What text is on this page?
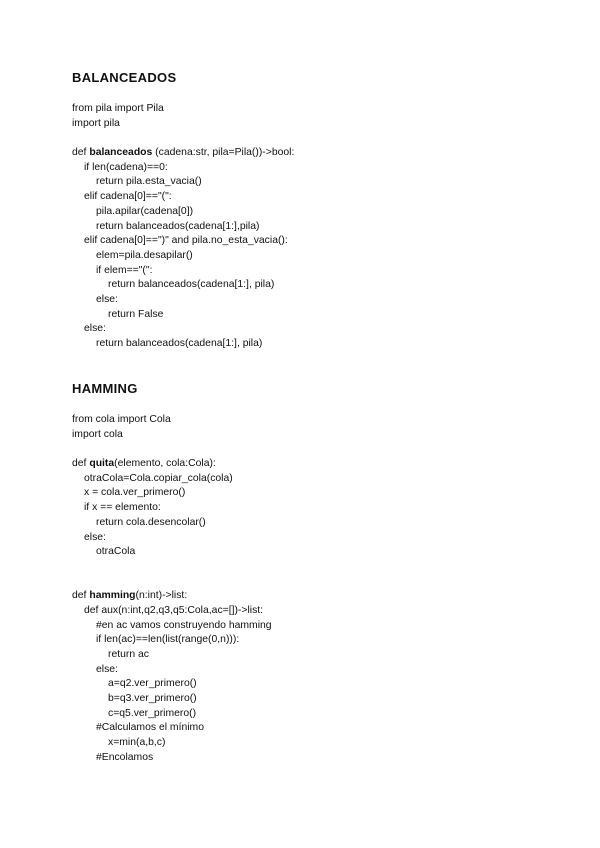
BALANCEADOS
from pila import Pila
import pila
def balanceados (cadena:str, pila=Pila())->bool:
if len(cadena)==0:
return pila.esta_vacia()
elif cadena[0]=="(":
pila.apilar(cadena[0])
return balanceados(cadena[1:],pila)
elif cadena[0]==")" and pila.no_esta_vacia():
elem=pila.desapilar()
if elem=="(":
return balanceados(cadena[1:], pila)
else:
return False
else:
return balanceados(cadena[1:], pila)
HAMMING
from cola import Cola
import cola
def quita(elemento, cola:Cola):
otraCola=Cola.copiar_cola(cola)
x = cola.ver_primero()
if x == elemento:
return cola.desencolar()
else:
otraCola
def hamming(n:int)->list:
def aux(n:int,q2,q3,q5:Cola,ac=[])->list:
#en ac vamos construyendo hamming
if len(ac)==len(list(range(0,n))):
return ac
else:
a=q2.ver_primero()
b=q3.ver_primero()
c=q5.ver_primero()
#Calculamos el mínimo
x=min(a,b,c)
#Encolamos
